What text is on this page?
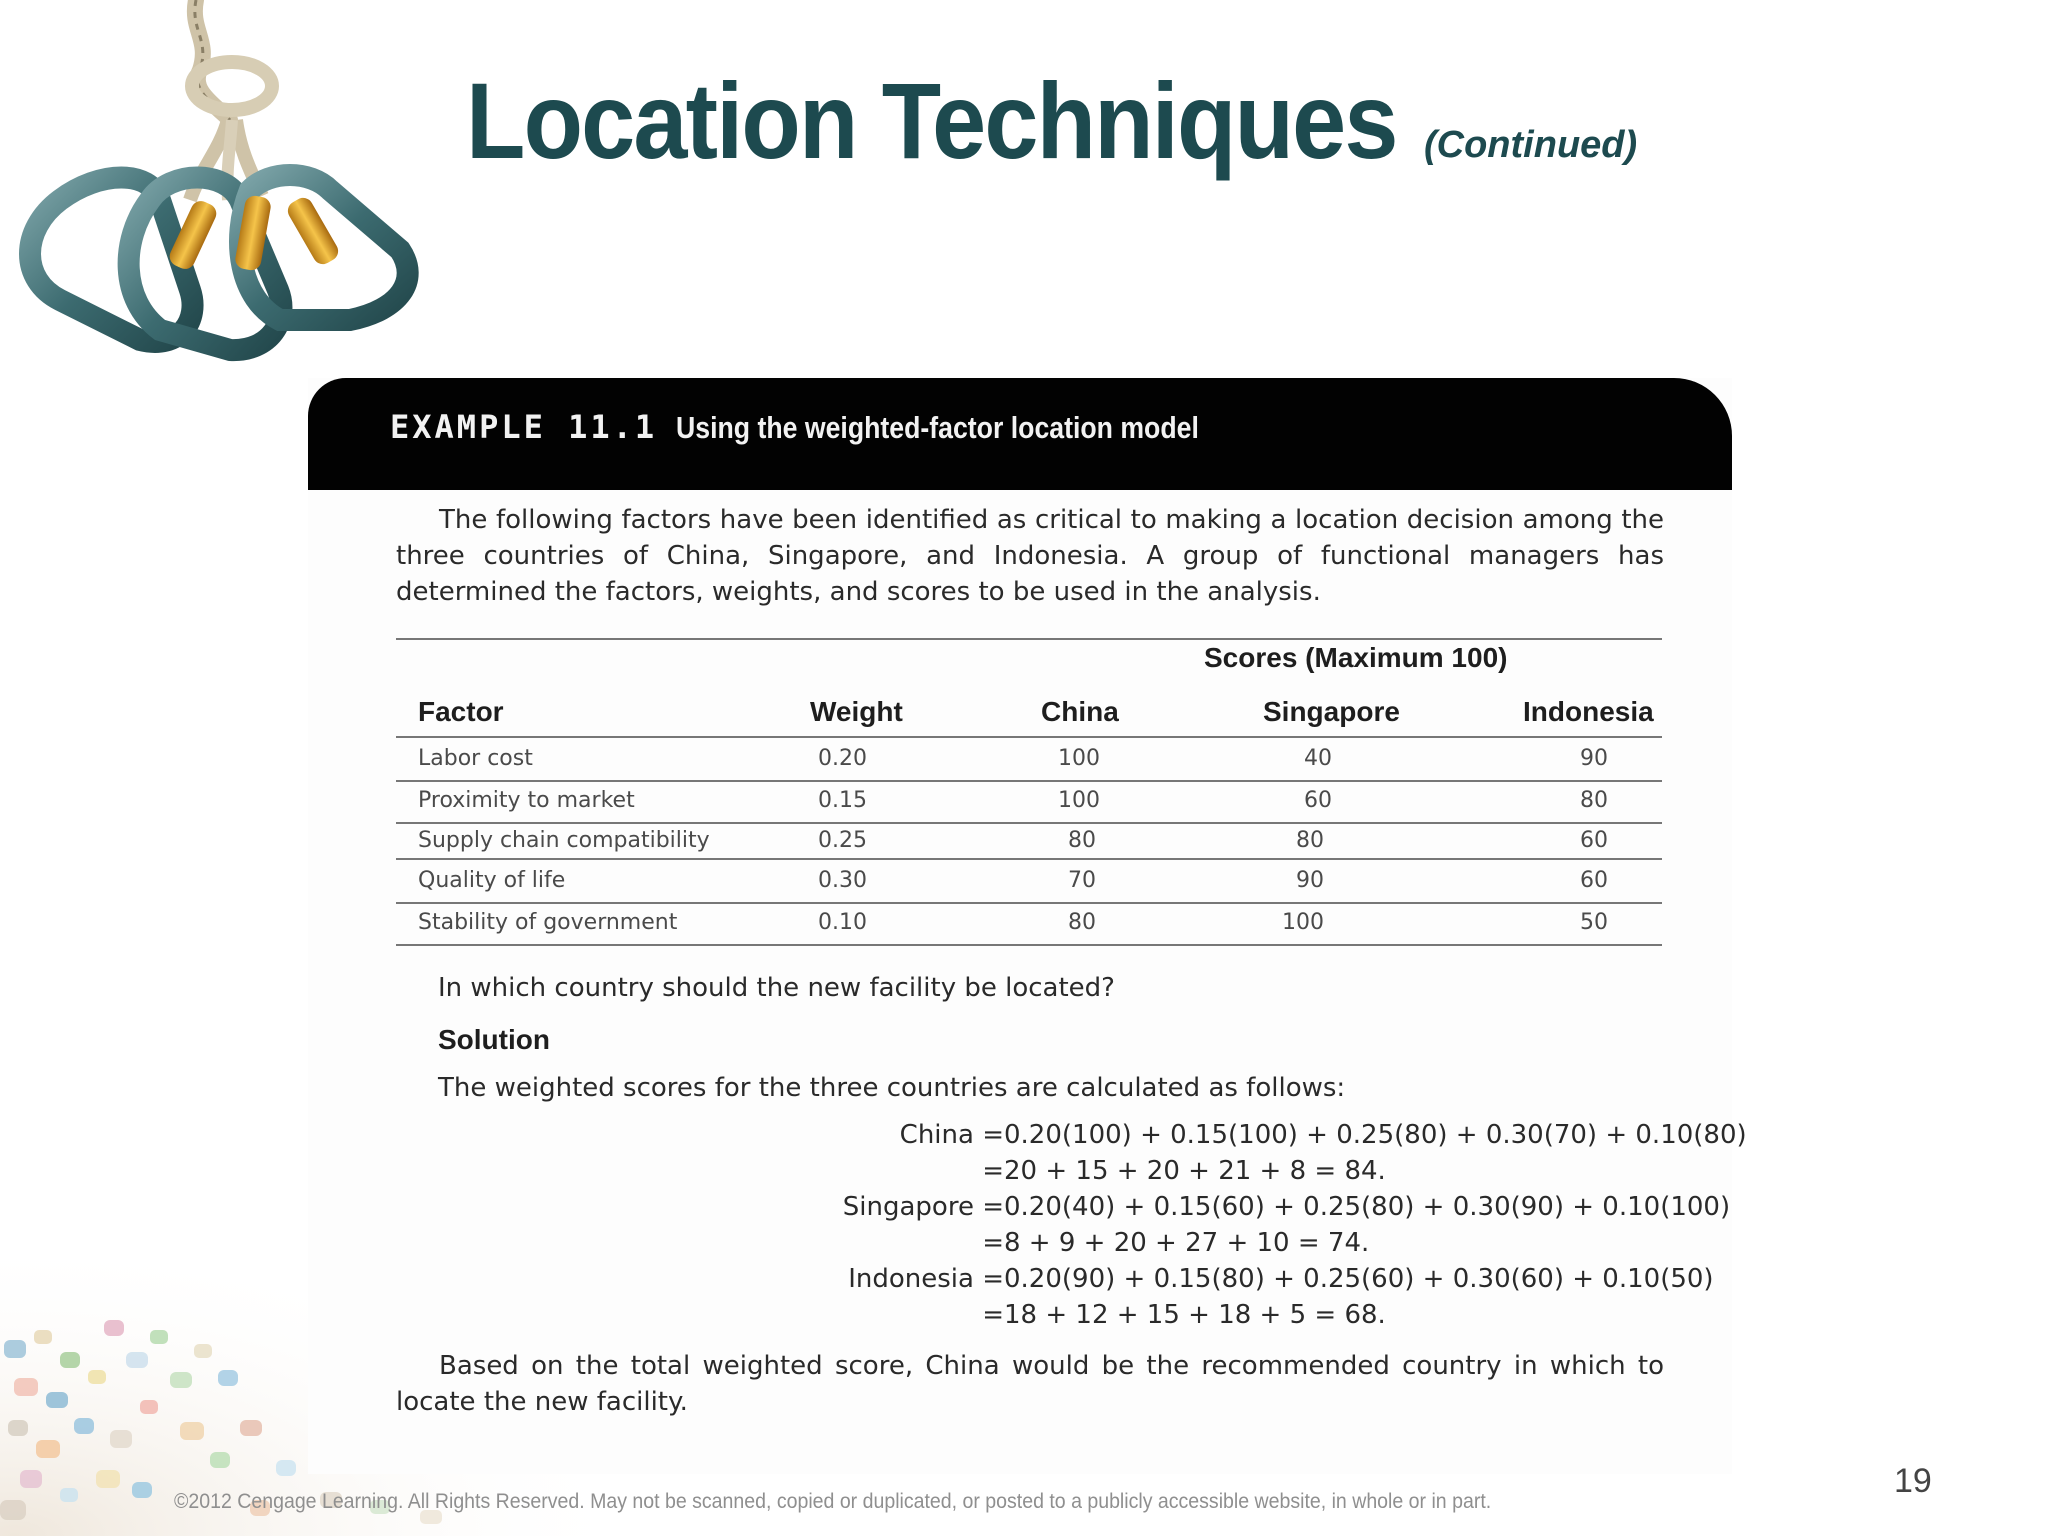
Location Techniques (Continued)
EXAMPLE 11.1 Using the weighted-factor location model
The following factors have been identified as critical to making a location decision among the three countries of China, Singapore, and Indonesia. A group of functional managers has determined the factors, weights, and scores to be used in the analysis.
Scores (Maximum 100)
Factor	Weight	China	Singapore	Indonesia
Labor cost	0.20	100	40	90
Proximity to market	0.15	100	60	80
Supply chain compatibility	0.25	80	80	60
Quality of life	0.30	70	90	60
Stability of government	0.10	80	100	50
In which country should the new facility be located?
Solution
The weighted scores for the three countries are calculated as follows:
China = 0.20(100) + 0.15(100) + 0.25(80) + 0.30(70) + 0.10(80)
= 20 + 15 + 20 + 21 + 8 = 84.
Singapore = 0.20(40) + 0.15(60) + 0.25(80) + 0.30(90) + 0.10(100)
= 8 + 9 + 20 + 27 + 10 = 74.
Indonesia = 0.20(90) + 0.15(80) + 0.25(60) + 0.30(60) + 0.10(50)
= 18 + 12 + 15 + 18 + 5 = 68.
Based on the total weighted score, China would be the recommended country in which to locate the new facility.
©2012 Cengage Learning. All Rights Reserved. May not be scanned, copied or duplicated, or posted to a publicly accessible website, in whole or in part.
19
